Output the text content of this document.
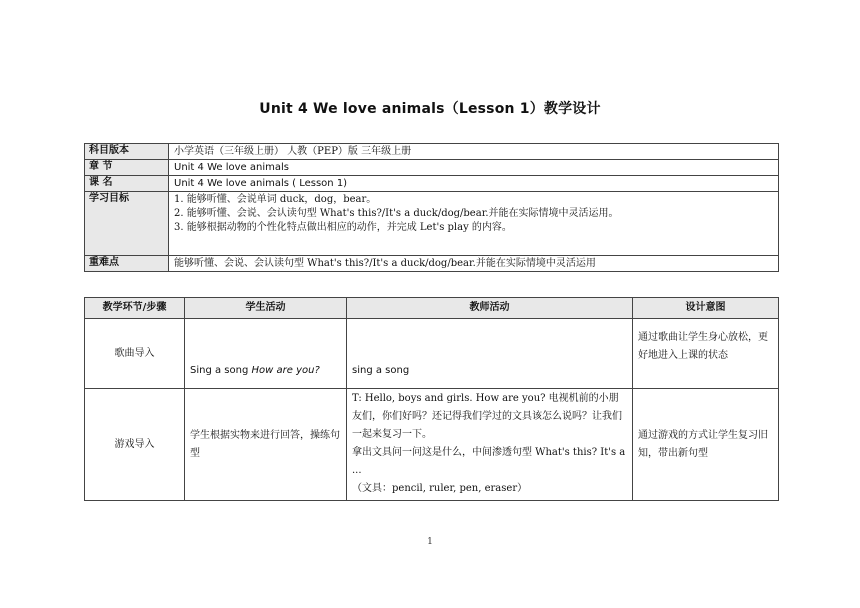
Unit 4 We love animals（Lesson 1）教学设计
科目版本	小学英语（三年级上册） 人教（PEP）版 三年级上册
章 节	Unit 4 We love animals
课 名	Unit 4 We love animals ( Lesson 1)
学习目标	1. 能够听懂、会说单词 duck，dog，bear。
2. 能够听懂、会说、会认读句型 What's this?/It's a duck/dog/bear.并能在实际情境中灵活运用。
3. 能够根据动物的个性化特点做出相应的动作，并完成 Let's play 的内容。

重难点	能够听懂、会说、会认读句型 What's this?/It's a duck/dog/bear.并能在实际情境中灵活运用
教学环节/步骤	学生活动	教师活动	设计意图
歌曲导入	Sing a song How are you?	sing a song	通过歌曲让学生身心放松，更好地进入上课的状态
游戏导入	学生根据实物来进行回答，操练句型	T: Hello, boys and girls. How are you? 电视机前的小朋友们，你们好吗？还记得我们学过的文具该怎么说吗？让我们一起来复习一下。
拿出文具问一问这是什么，中间渗透句型 What's this? It's a ...
（文具：pencil, ruler, pen, eraser）	通过游戏的方式让学生复习旧知，带出新句型
1
